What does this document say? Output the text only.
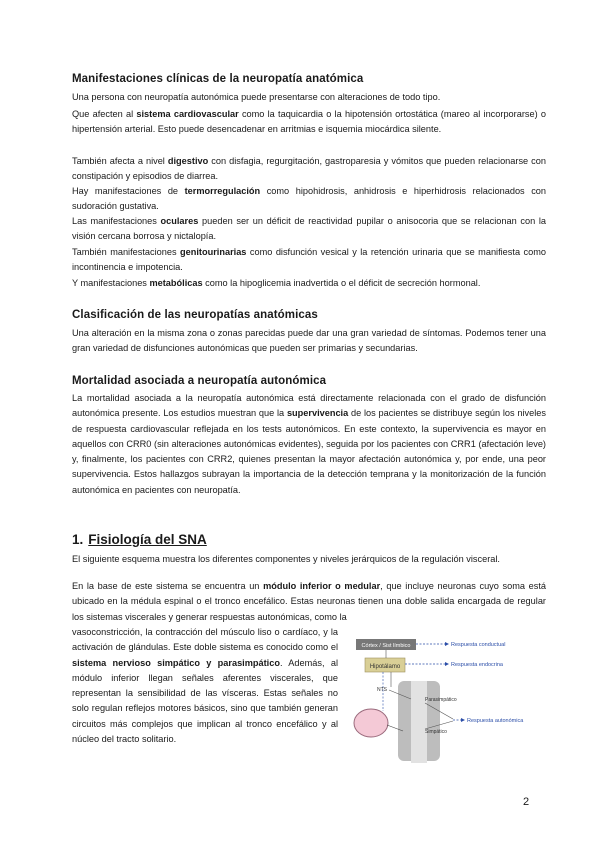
Manifestaciones clínicas de la neuropatía anatómica
Una persona con neuropatía autonómica puede presentarse con alteraciones de todo tipo.
Que afecten al sistema cardiovascular como la taquicardia o la hipotensión ortostática (mareo al incorporarse) o hipertensión arterial. Esto puede desencadenar en arritmias e isquemia miocárdica silente.
También afecta a nivel digestivo con disfagia, regurgitación, gastroparesia y vómitos que pueden relacionarse con constipación y episodios de diarrea.
Hay manifestaciones de termorregulación como hipohidrosis, anhidrosis e hiperhidrosis relacionados con sudoración gustativa.
Las manifestaciones oculares pueden ser un déficit de reactividad pupilar o anisocoria que se relacionan con la visión cercana borrosa y nictalopía.
También manifestaciones genitourinarias como disfunción vesical y la retención urinaria que se manifiesta como incontinencia e impotencia.
Y manifestaciones metabólicas como la hipoglicemia inadvertida o el déficit de secreción hormonal.
Clasificación de las neuropatías anatómicas
Una alteración en la misma zona o zonas parecidas puede dar una gran variedad de síntomas. Podemos tener una gran variedad de disfunciones autonómicas que pueden ser primarias y secundarias.
Mortalidad asociada a neuropatía autonómica
La mortalidad asociada a la neuropatía autonómica está directamente relacionada con el grado de disfunción autonómica presente. Los estudios muestran que la supervivencia de los pacientes se distribuye según los niveles de respuesta cardiovascular reflejada en los tests autonómicos. En este contexto, la supervivencia es mayor en aquellos con CRR0 (sin alteraciones autonómicas evidentes), seguida por los pacientes con CRR1 (afectación leve) y, finalmente, los pacientes con CRR2, quienes presentan la mayor afectación autonómica y, por ende, una peor supervivencia. Estos hallazgos subrayan la importancia de la detección temprana y la monitorización de la función autonómica en pacientes con neuropatía.
1. Fisiología del SNA
El siguiente esquema muestra los diferentes componentes y niveles jerárquicos de la regulación visceral.
En la base de este sistema se encuentra un módulo inferior o medular, que incluye neuronas cuyo soma está ubicado en la médula espinal o el tronco encefálico. Estas neuronas tienen una doble salida encargada de regular los sistemas viscerales y generar respuestas autonómicas, como la
vasoconstricción, la contracción del músculo liso o cardíaco, y la activación de glándulas. Este doble sistema es conocido como el sistema nervioso simpático y parasimpático. Además, al módulo inferior llegan señales aferentes viscerales, que representan la sensibilidad de las vísceras. Estas señales no solo regulan reflejos motores básicos, sino que también generan circuitos más complejos que implican al tronco encefálico y al núcleo del tracto solitario.
Córtex / Sist límbico	Respuesta conductual
Hipotálamo	Respuesta endocrina
NTS
Parasimpático
Simpático
Respuesta autonómica
2
